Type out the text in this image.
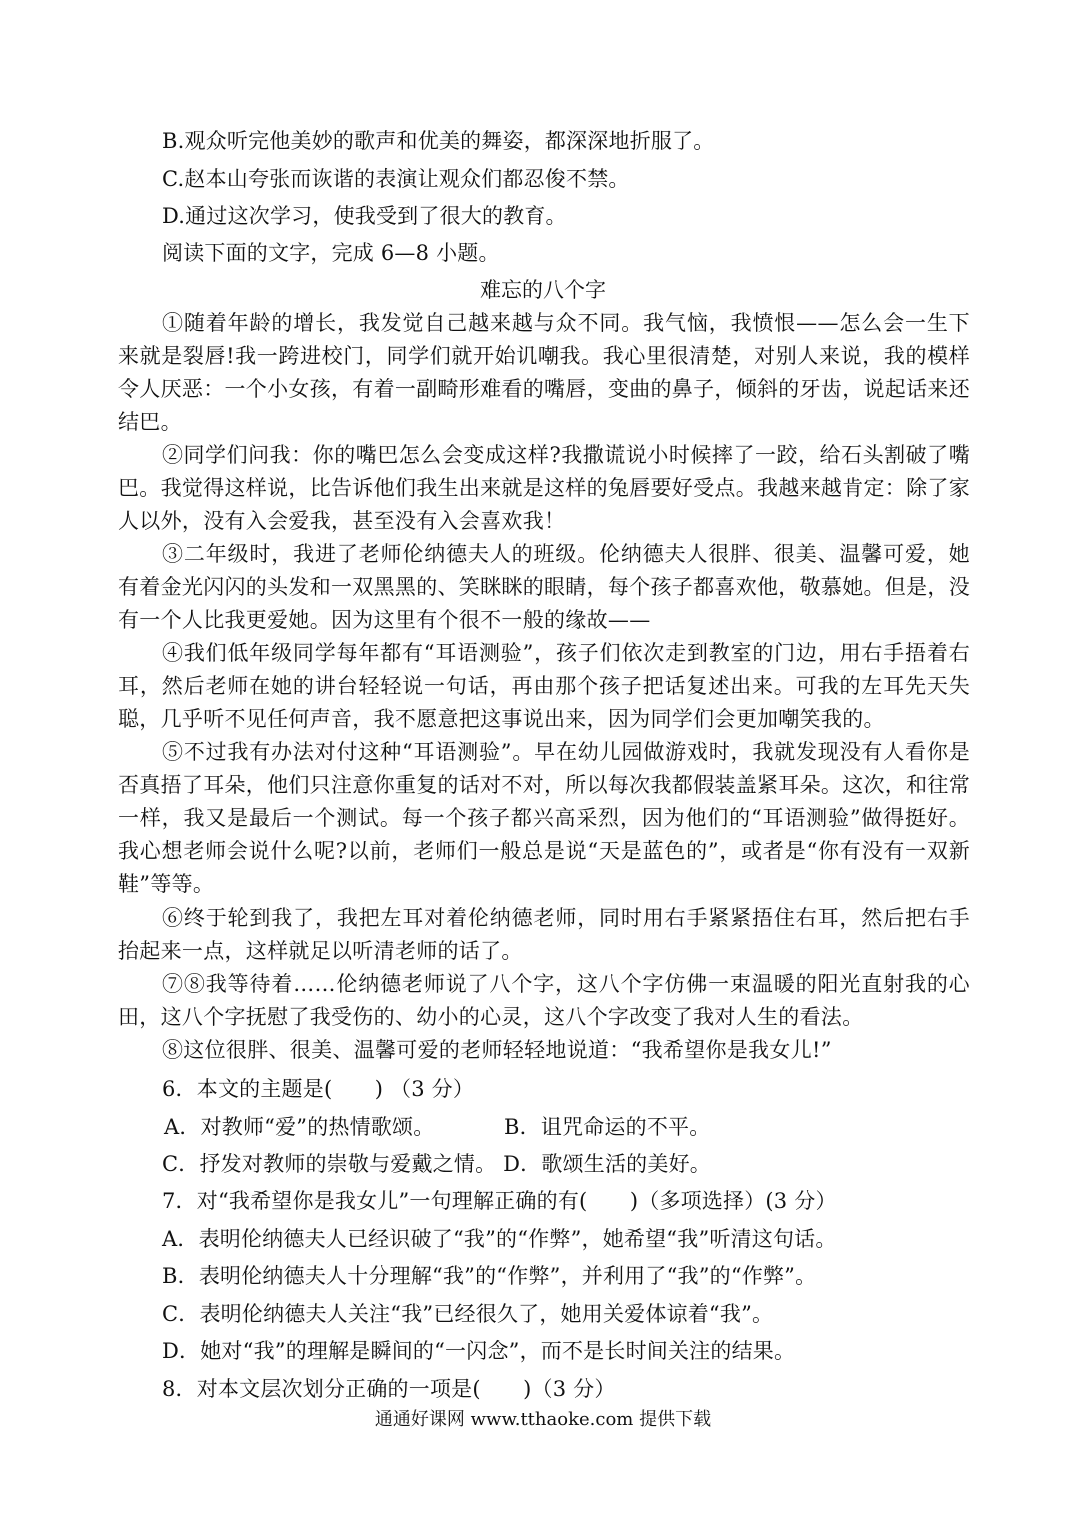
B.观众听完他美妙的歌声和优美的舞姿，都深深地折服了。
C.赵本山夸张而诙谐的表演让观众们都忍俊不禁。
D.通过这次学习，使我受到了很大的教育。
阅读下面的文字，完成 6—8 小题。
难忘的八个字
①随着年龄的增长，我发觉自己越来越与众不同。我气恼，我愤恨——怎么会一生下来就是裂唇!我一跨进校门，同学们就开始讥嘲我。我心里很清楚，对别人来说，我的模样令人厌恶：一个小女孩，有着一副畸形难看的嘴唇，变曲的鼻子，倾斜的牙齿，说起话来还结巴。
②同学们问我：你的嘴巴怎么会变成这样?我撒谎说小时候摔了一跤，给石头割破了嘴巴。我觉得这样说，比告诉他们我生出来就是这样的兔唇要好受点。我越来越肯定：除了家人以外，没有入会爱我，甚至没有入会喜欢我！
③二年级时，我进了老师伦纳德夫人的班级。伦纳德夫人很胖、很美、温馨可爱，她有着金光闪闪的头发和一双黑黑的、笑眯眯的眼睛，每个孩子都喜欢他，敬慕她。但是，没有一个人比我更爱她。因为这里有个很不一般的缘故——
④我们低年级同学每年都有“耳语测验”，孩子们依次走到教室的门边，用右手捂着右耳，然后老师在她的讲台轻轻说一句话，再由那个孩子把话复述出来。可我的左耳先天失聪，几乎听不见任何声音，我不愿意把这事说出来，因为同学们会更加嘲笑我的。
⑤不过我有办法对付这种“耳语测验”。早在幼儿园做游戏时，我就发现没有人看你是否真捂了耳朵，他们只注意你重复的话对不对，所以每次我都假装盖紧耳朵。这次，和往常一样，我又是最后一个测试。每一个孩子都兴高采烈，因为他们的“耳语测验”做得挺好。我心想老师会说什么呢?以前，老师们一般总是说“天是蓝色的”，或者是“你有没有一双新鞋”等等。
⑥终于轮到我了，我把左耳对着伦纳德老师，同时用右手紧紧捂住右耳，然后把右手抬起来一点，这样就足以听清老师的话了。
⑦⑧我等待着……伦纳德老师说了八个字，这八个字仿佛一束温暖的阳光直射我的心田，这八个字抚慰了我受伤的、幼小的心灵，这八个字改变了我对人生的看法。
⑧这位很胖、很美、温馨可爱的老师轻轻地说道：“我希望你是我女儿!”
6．本文的主题是(　　) （3 分）
A．对教师“爱”的热情歌颂。	B．诅咒命运的不平。
C．抒发对教师的崇敬与爱戴之情。 D．歌颂生活的美好。
7．对“我希望你是我女儿”一句理解正确的有(　　)（多项选择）(3 分）
A．表明伦纳德夫人已经识破了“我”的“作弊”，她希望“我”听清这句话。
B．表明伦纳德夫人十分理解“我”的“作弊”，并利用了“我”的“作弊”。
C．表明伦纳德夫人关注“我”已经很久了，她用关爱体谅着“我”。
D．她对“我”的理解是瞬间的“一闪念”，而不是长时间关注的结果。
8．对本文层次划分正确的一项是(　　)（3 分）
通通好课网 www.tthaoke.com 提供下载
